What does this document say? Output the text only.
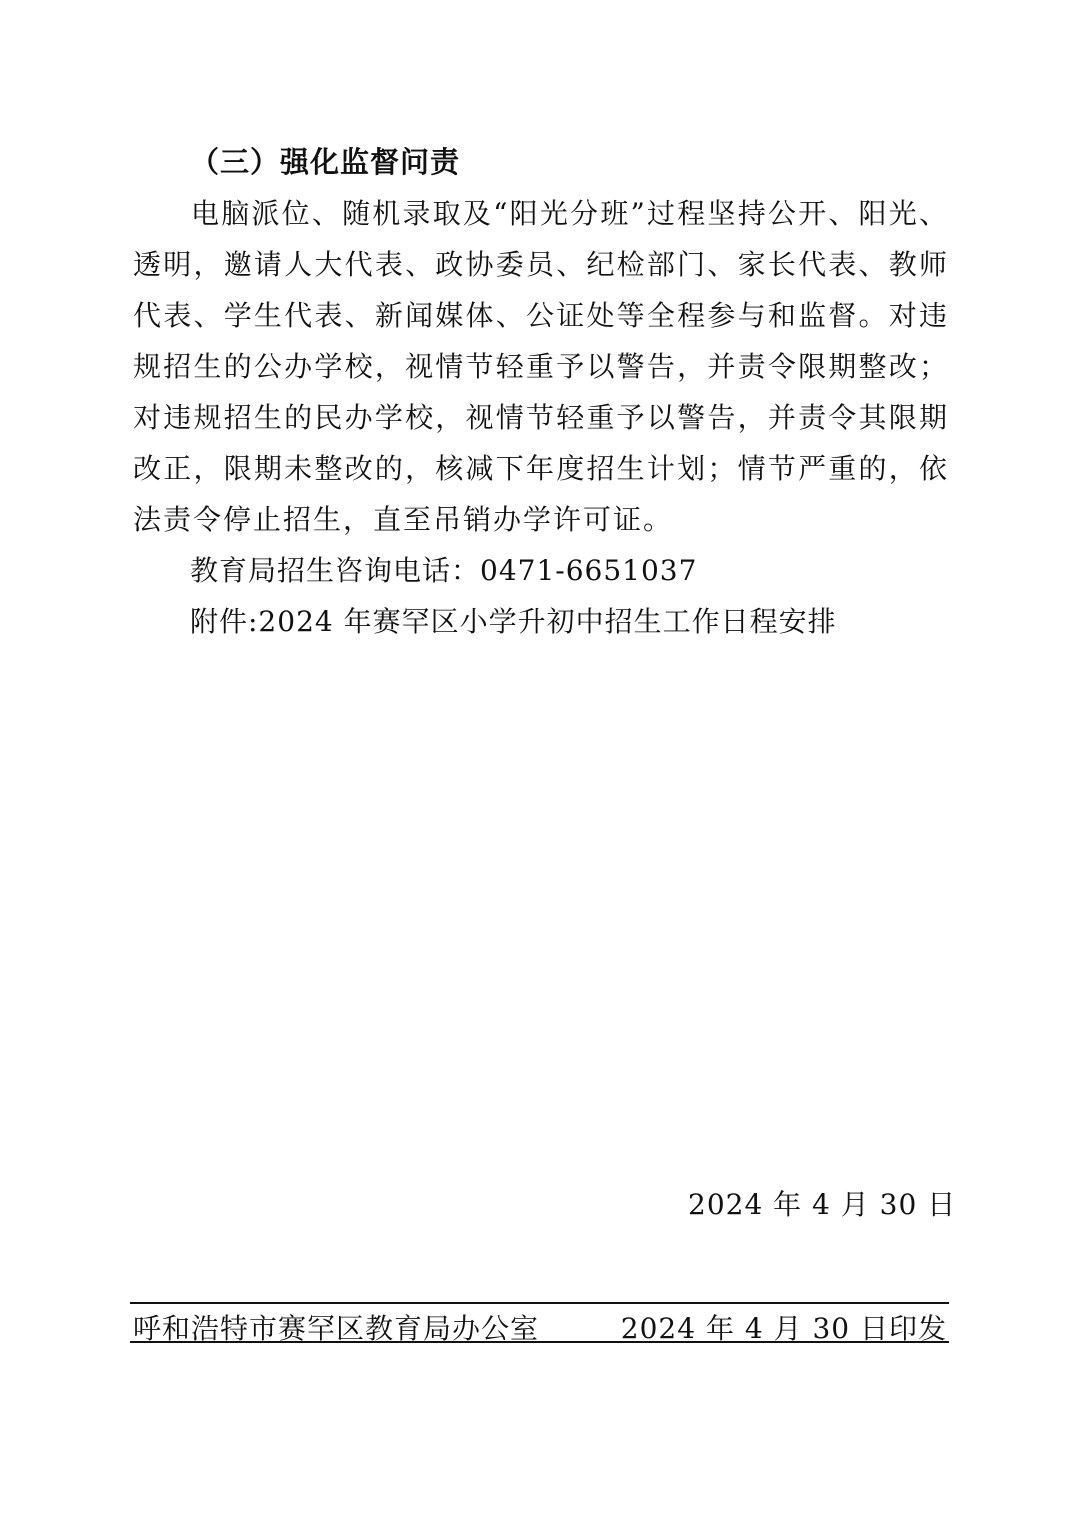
（三）强化监督问责
电脑派位、随机录取及“阳光分班”过程坚持公开、阳光、透明，邀请人大代表、政协委员、纪检部门、家长代表、教师代表、学生代表、新闻媒体、公证处等全程参与和监督。对违规招生的公办学校，视情节轻重予以警告，并责令限期整改；对违规招生的民办学校，视情节轻重予以警告，并责令其限期改正，限期未整改的，核减下年度招生计划；情节严重的，依法责令停止招生，直至吊销办学许可证。
教育局招生咨询电话：0471-6651037
附件:2024 年赛罕区小学升初中招生工作日程安排
2024 年 4 月 30 日
呼和浩特市赛罕区教育局办公室	2024 年 4 月 30 日印发
